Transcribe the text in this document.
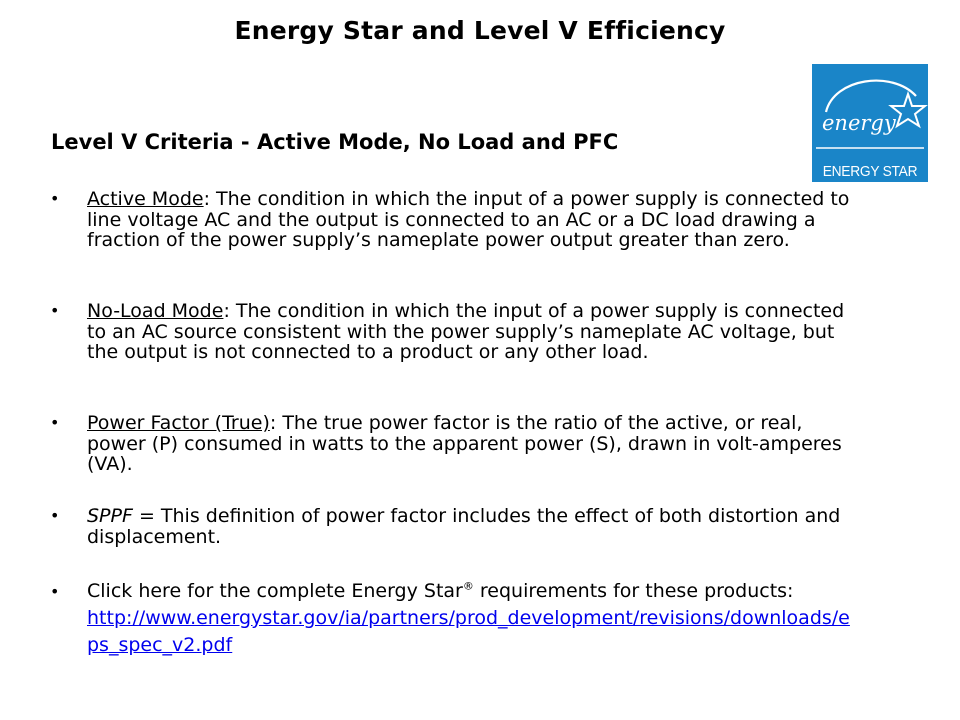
Energy Star and Level V Efficiency
energy
ENERGY STAR
Level V Criteria - Active Mode, No Load and PFC
• Active Mode: The condition in which the input of a power supply is connected to line voltage AC and the output is connected to an AC or a DC load drawing a fraction of the power supply’s nameplate power output greater than zero.
• No-Load Mode: The condition in which the input of a power supply is connected to an AC source consistent with the power supply’s nameplate AC voltage, but the output is not connected to a product or any other load.
• Power Factor (True): The true power factor is the ratio of the active, or real, power (P) consumed in watts to the apparent power (S), drawn in volt-amperes (VA).
• SPPF = This definition of power factor includes the effect of both distortion and displacement.
• Click here for the complete Energy Star® requirements for these products:
http://www.energystar.gov/ia/partners/prod_development/revisions/downloads/eps_spec_v2.pdf
